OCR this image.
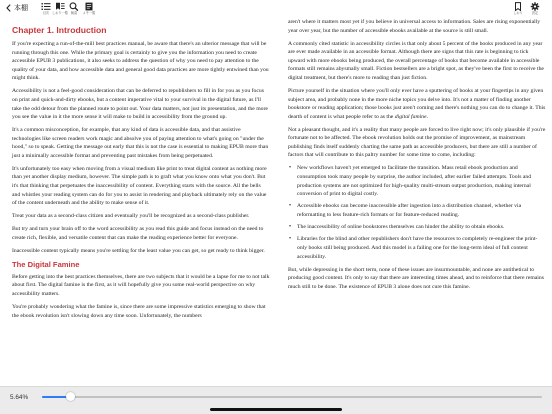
本棚
目次 しおり一覧 検索 メモ一覧	しおり	設定
Chapter 1. Introduction

If you're expecting a run-of-the-mill best practices manual, be aware that there's an ulterior message that will be running through this one. While the primary goal is certainly to give you the information you need to create accessible EPUB 3 publications, it also seeks to address the question of why you need to pay attention to the quality of your data, and how accessible data and general good data practices are more tightly entwined than you might think.

Accessibility is not a feel-good consideration that can be deferred to republishers to fill in for you as you focus on print and quick-and-dirty ebooks, but a content imperative vital to your survival in the digital future, as I'll take the odd detour from the planned route to point out. Your data matters, not just its presentation, and the more you see the value in it the more sense it will make to build in accessibility from the ground up.

It's a common misconception, for example, that any kind of data is accessible data, and that assistive technologies like screen readers work magic and absolve you of paying attention to what's going on "under the hood," so to speak. Getting the message out early that this is not the case is essential to making EPUB more than just a minimally accessible format and preventing past mistakes from being perpetuated.

It's unfortunately too easy when moving from a visual medium like print to treat digital content as nothing more than yet another display medium, however. The simple path is to graft what you know onto what you don't. But it's that thinking that perpetuates the inaccessibility of content. Everything starts with the source. All the bells and whistles your reading system can do for you to assist in rendering and playback ultimately rely on the value of the content underneath and the ability to make sense of it.

Treat your data as a second-class citizen and eventually you'll be recognized as a second-class publisher.

But try and turn your brain off to the word accessibility as you read this guide and focus instead on the need to create rich, flexible, and versatile content that can make the reading experience better for everyone.

Inaccessible content typically means you're settling for the least value you can get, so get ready to think bigger.

The Digital Famine

Before getting into the best practices themselves, there are two subjects that it would be a lapse for me to not talk about first. The digital famine is the first, as it will hopefully give you some real-world perspective on why accessibility matters.

You're probably wondering what the famine is, since there are some impressive statistics emerging to show that the ebook revolution isn't slowing down any time soon. Unfortunately, the numbers

aren't where it matters most yet if you believe in universal access to information. Sales are rising exponentially year over year, but the number of accessible ebooks available at the source is still small.

A commonly cited statistic in accessibility circles is that only about 5 percent of the books produced in any year are ever made available in an accessible format. Although there are signs that this rate is beginning to tick upward with more ebooks being produced, the overall percentage of books that become available in accessible formats still remains abysmally small. Fiction bestsellers are a bright spot, as they've been the first to receive the digital treatment, but there's more to reading than just fiction.

Picture yourself in the situation where you'll only ever have a sputtering of books at your fingertips in any given subject area, and probably none in the more niche topics you delve into. It's not a matter of finding another bookstore or reading application; those books just aren't coming and there's nothing you can do to change it. This dearth of content is what people refer to as the digital famine.

Not a pleasant thought, and it's a reality that many people are forced to live right now; it's only plausible if you're fortunate not to be affected. The ebook revolution holds out the promise of improvement, as mainstream publishing finds itself suddenly charting the same path as accessible producers, but there are still a number of factors that will contribute to this paltry number for some time to come, including:

• New workflows haven't yet emerged to facilitate the transition. Mass retail ebook production and consumption took many people by surprise, the author included, after earlier failed attempts. Tools and production systems are not optimized for high-quality multi-stream output production, making internal conversion of print to digital costly.
• Accessible ebooks can become inaccessible after ingestion into a distribution channel, whether via reformatting to less feature-rich formats or for feature-reduced reading.
• The inaccessibility of online bookstores themselves can hinder the ability to obtain ebooks.
• Libraries for the blind and other republishers don't have the resources to completely re-engineer the print-only books still being produced. And this model is a failing one for the long-term ideal of full content accessibility.

But, while depressing in the short term, none of these issues are insurmountable, and none are antithetical to producing good content. It's only to say that there are interesting times ahead, and to reinforce that there remains much still to be done. The existence of EPUB 3 alone does not cure this famine.

5.64%
